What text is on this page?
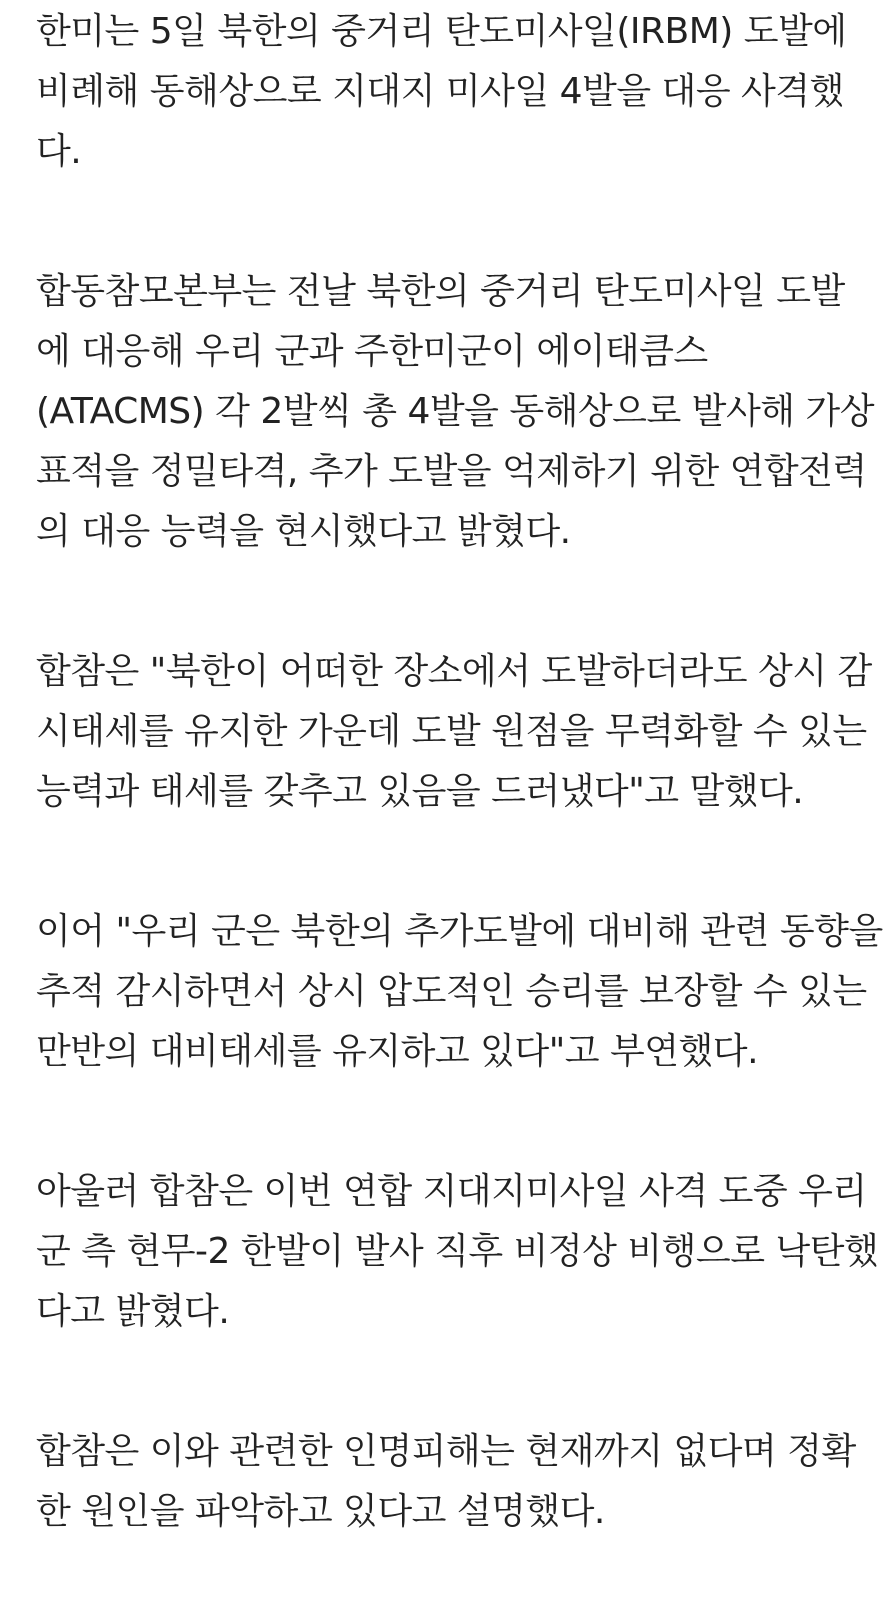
한미는 5일 북한의 중거리 탄도미사일(IRBM) 도발에
비례해 동해상으로 지대지 미사일 4발을 대응 사격했
다.
합동참모본부는 전날 북한의 중거리 탄도미사일 도발
에 대응해 우리 군과 주한미군이 에이태큼스
(ATACMS) 각 2발씩 총 4발을 동해상으로 발사해 가상
표적을 정밀타격, 추가 도발을 억제하기 위한 연합전력
의 대응 능력을 현시했다고 밝혔다.
합참은 "북한이 어떠한 장소에서 도발하더라도 상시 감
시태세를 유지한 가운데 도발 원점을 무력화할 수 있는
능력과 태세를 갖추고 있음을 드러냈다"고 말했다.
이어 "우리 군은 북한의 추가도발에 대비해 관련 동향을
추적 감시하면서 상시 압도적인 승리를 보장할 수 있는
만반의 대비태세를 유지하고 있다"고 부연했다.
아울러 합참은 이번 연합 지대지미사일 사격 도중 우리
군 측 현무-2 한발이 발사 직후 비정상 비행으로 낙탄했
다고 밝혔다.
합참은 이와 관련한 인명피해는 현재까지 없다며 정확
한 원인을 파악하고 있다고 설명했다.
